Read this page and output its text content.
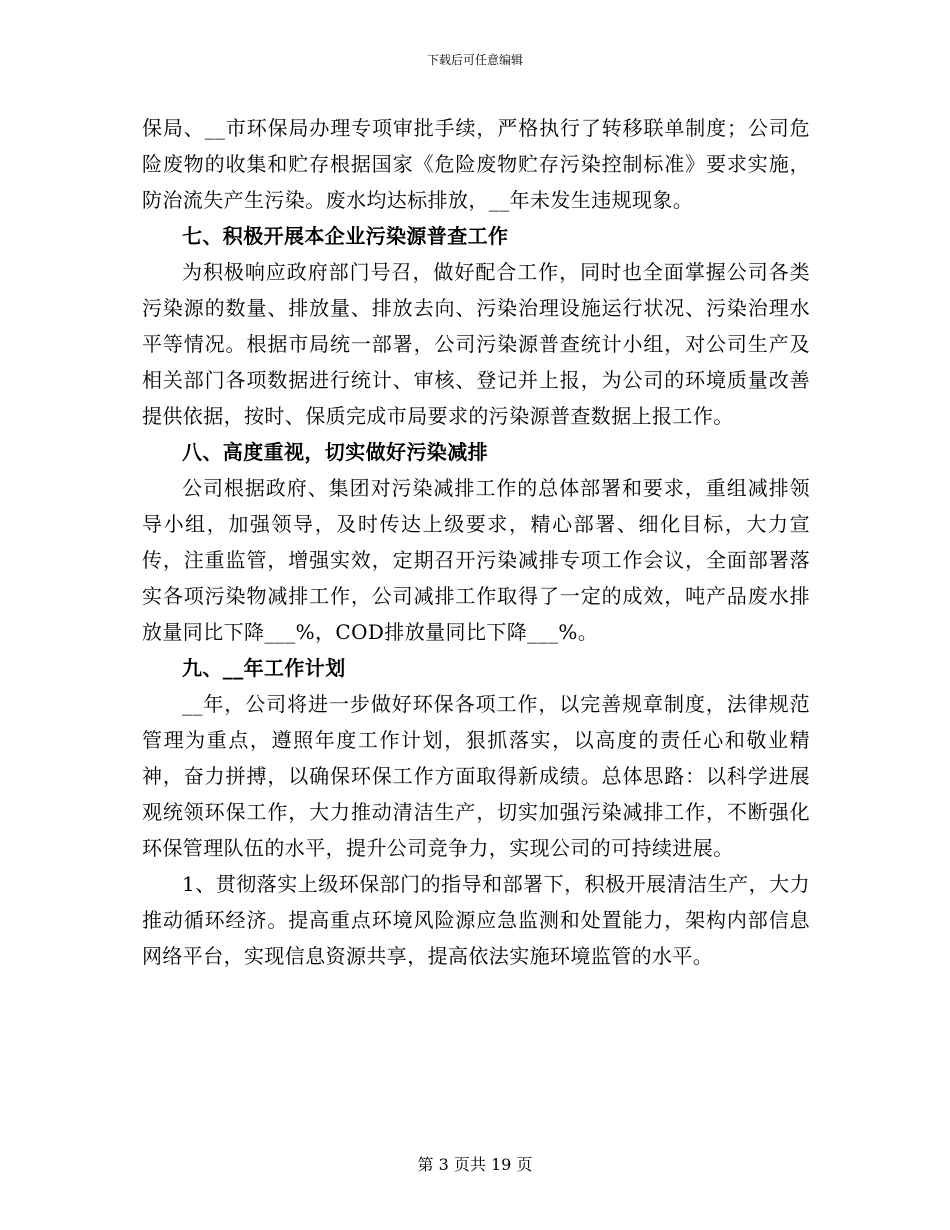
下载后可任意编辑

保局、__市环保局办理专项审批手续，严格执行了转移联单制度；公司危险废物的收集和贮存根据国家《危险废物贮存污染控制标准》要求实施，防治流失产生污染。废水均达标排放，__年未发生违规现象。

七、积极开展本企业污染源普查工作

为积极响应政府部门号召，做好配合工作，同时也全面掌握公司各类污染源的数量、排放量、排放去向、污染治理设施运行状况、污染治理水平等情况。根据市局统一部署，公司污染源普查统计小组，对公司生产及相关部门各项数据进行统计、审核、登记并上报，为公司的环境质量改善提供依据，按时、保质完成市局要求的污染源普查数据上报工作。

八、高度重视，切实做好污染减排

公司根据政府、集团对污染减排工作的总体部署和要求，重组减排领导小组，加强领导，及时传达上级要求，精心部署、细化目标，大力宣传，注重监管，增强实效，定期召开污染减排专项工作会议，全面部署落实各项污染物减排工作，公司减排工作取得了一定的成效，吨产品废水排放量同比下降___%，COD排放量同比下降___%。

九、__年工作计划

__年，公司将进一步做好环保各项工作，以完善规章制度，法律规范管理为重点，遵照年度工作计划，狠抓落实，以高度的责任心和敬业精神，奋力拼搏，以确保环保工作方面取得新成绩。总体思路：以科学进展观统领环保工作，大力推动清洁生产，切实加强污染减排工作，不断强化环保管理队伍的水平，提升公司竞争力，实现公司的可持续进展。

1、贯彻落实上级环保部门的指导和部署下，积极开展清洁生产，大力推动循环经济。提高重点环境风险源应急监测和处置能力，架构内部信息网络平台，实现信息资源共享，提高依法实施环境监管的水平。

第 3 页共 19 页
